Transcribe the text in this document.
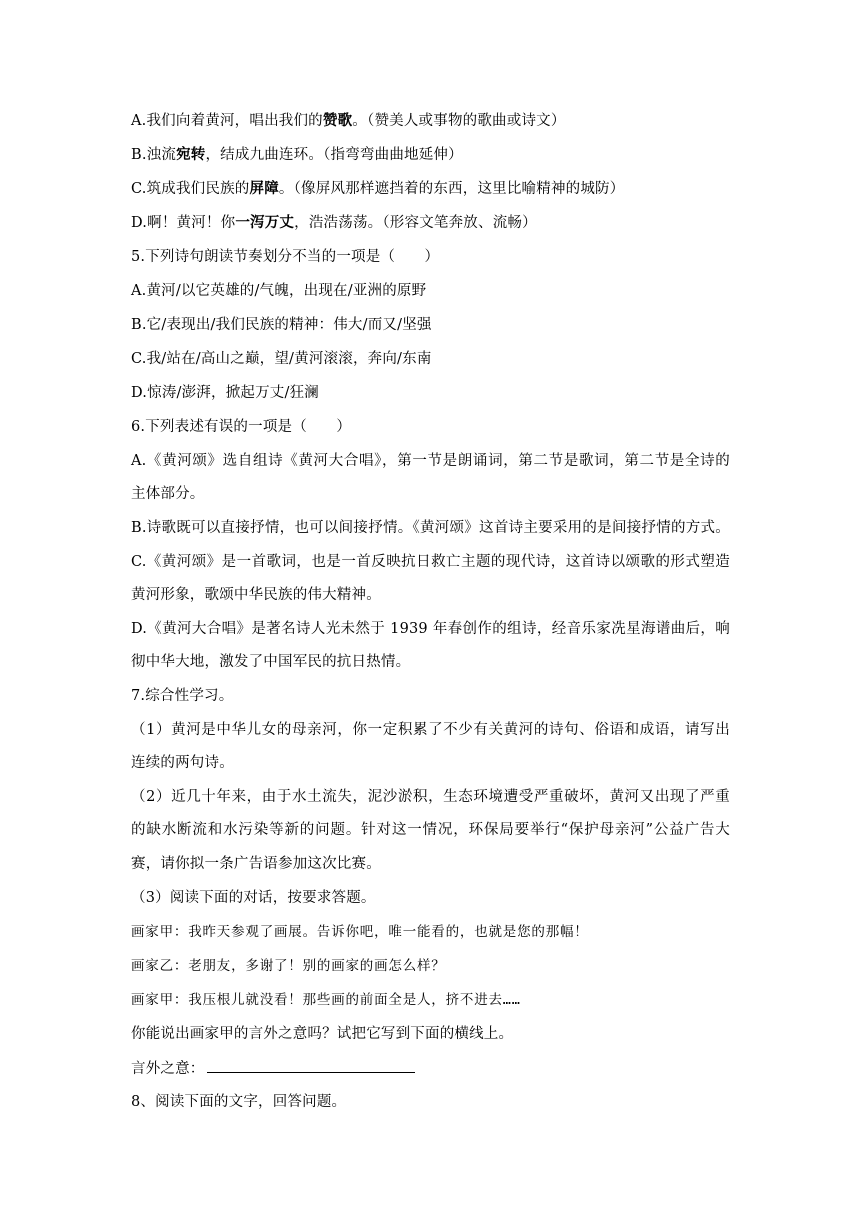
A.我们向着黄河，唱出我们的赞歌。（赞美人或事物的歌曲或诗文）
B.浊流宛转，结成九曲连环。（指弯弯曲曲地延伸）
C.筑成我们民族的屏障。（像屏风那样遮挡着的东西，这里比喻精神的城防）
D.啊！黄河！你一泻万丈，浩浩荡荡。（形容文笔奔放、流畅）
5.下列诗句朗读节奏划分不当的一项是（　　）
A.黄河/以它英雄的/气魄，出现在/亚洲的原野
B.它/表现出/我们民族的精神：伟大/而又/坚强
C.我/站在/高山之巅，望/黄河滚滚，奔向/东南
D.惊涛/澎湃，掀起万丈/狂澜
6.下列表述有误的一项是（　　）
A.《黄河颂》选自组诗《黄河大合唱》，第一节是朗诵词，第二节是歌词，第二节是全诗的
主体部分。
B.诗歌既可以直接抒情，也可以间接抒情。《黄河颂》这首诗主要采用的是间接抒情的方式。
C.《黄河颂》是一首歌词，也是一首反映抗日救亡主题的现代诗，这首诗以颂歌的形式塑造
黄河形象，歌颂中华民族的伟大精神。
D.《黄河大合唱》是著名诗人光未然于 1939 年春创作的组诗，经音乐家冼星海谱曲后，响
彻中华大地，激发了中国军民的抗日热情。
7.综合性学习。
（1）黄河是中华儿女的母亲河，你一定积累了不少有关黄河的诗句、俗语和成语，请写出
连续的两句诗。
（2）近几十年来，由于水土流失，泥沙淤积，生态环境遭受严重破坏，黄河又出现了严重
的缺水断流和水污染等新的问题。针对这一情况，环保局要举行“保护母亲河”公益广告大
赛，请你拟一条广告语参加这次比赛。
（3）阅读下面的对话，按要求答题。
画家甲：我昨天参观了画展。告诉你吧，唯一能看的，也就是您的那幅！
画家乙：老朋友，多谢了！别的画家的画怎么样？
画家甲：我压根儿就没看！那些画的前面全是人，挤不进去……
你能说出画家甲的言外之意吗？试把它写到下面的横线上。
言外之意：
8、阅读下面的文字，回答问题。
